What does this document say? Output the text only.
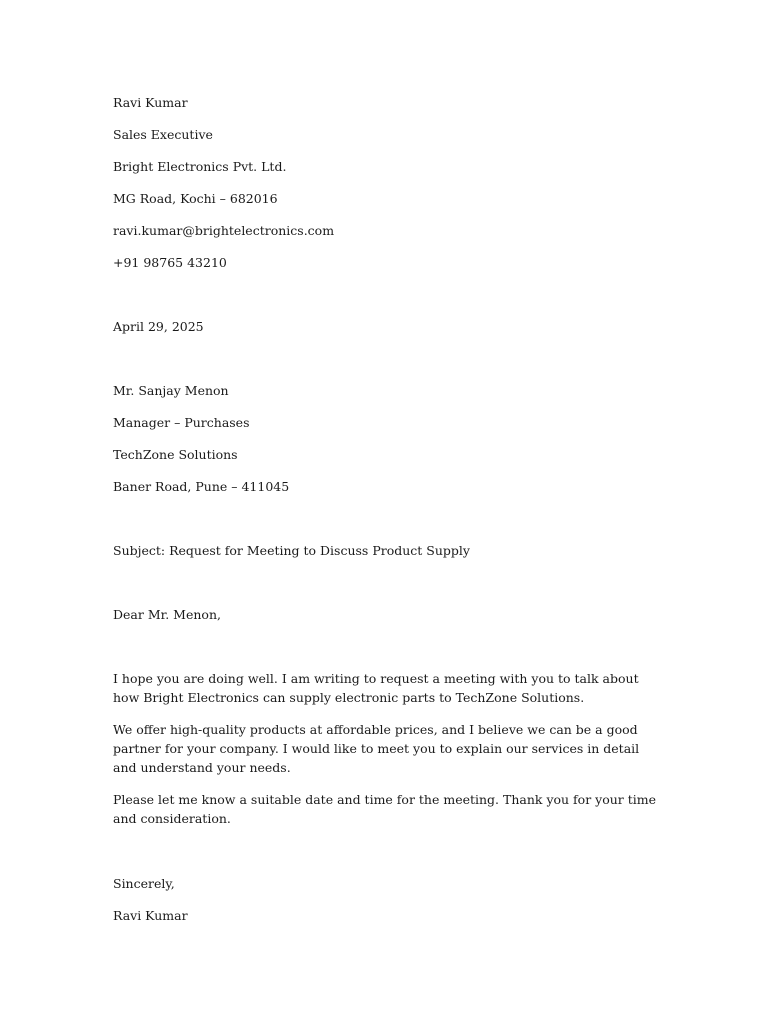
Ravi Kumar
Sales Executive
Bright Electronics Pvt. Ltd.
MG Road, Kochi – 682016
ravi.kumar@brightelectronics.com
+91 98765 43210
April 29, 2025
Mr. Sanjay Menon
Manager – Purchases
TechZone Solutions
Baner Road, Pune – 411045
Subject: Request for Meeting to Discuss Product Supply
Dear Mr. Menon,
I hope you are doing well. I am writing to request a meeting with you to talk about how Bright Electronics can supply electronic parts to TechZone Solutions.
We offer high-quality products at affordable prices, and I believe we can be a good partner for your company. I would like to meet you to explain our services in detail and understand your needs.
Please let me know a suitable date and time for the meeting. Thank you for your time and consideration.
Sincerely,
Ravi Kumar
